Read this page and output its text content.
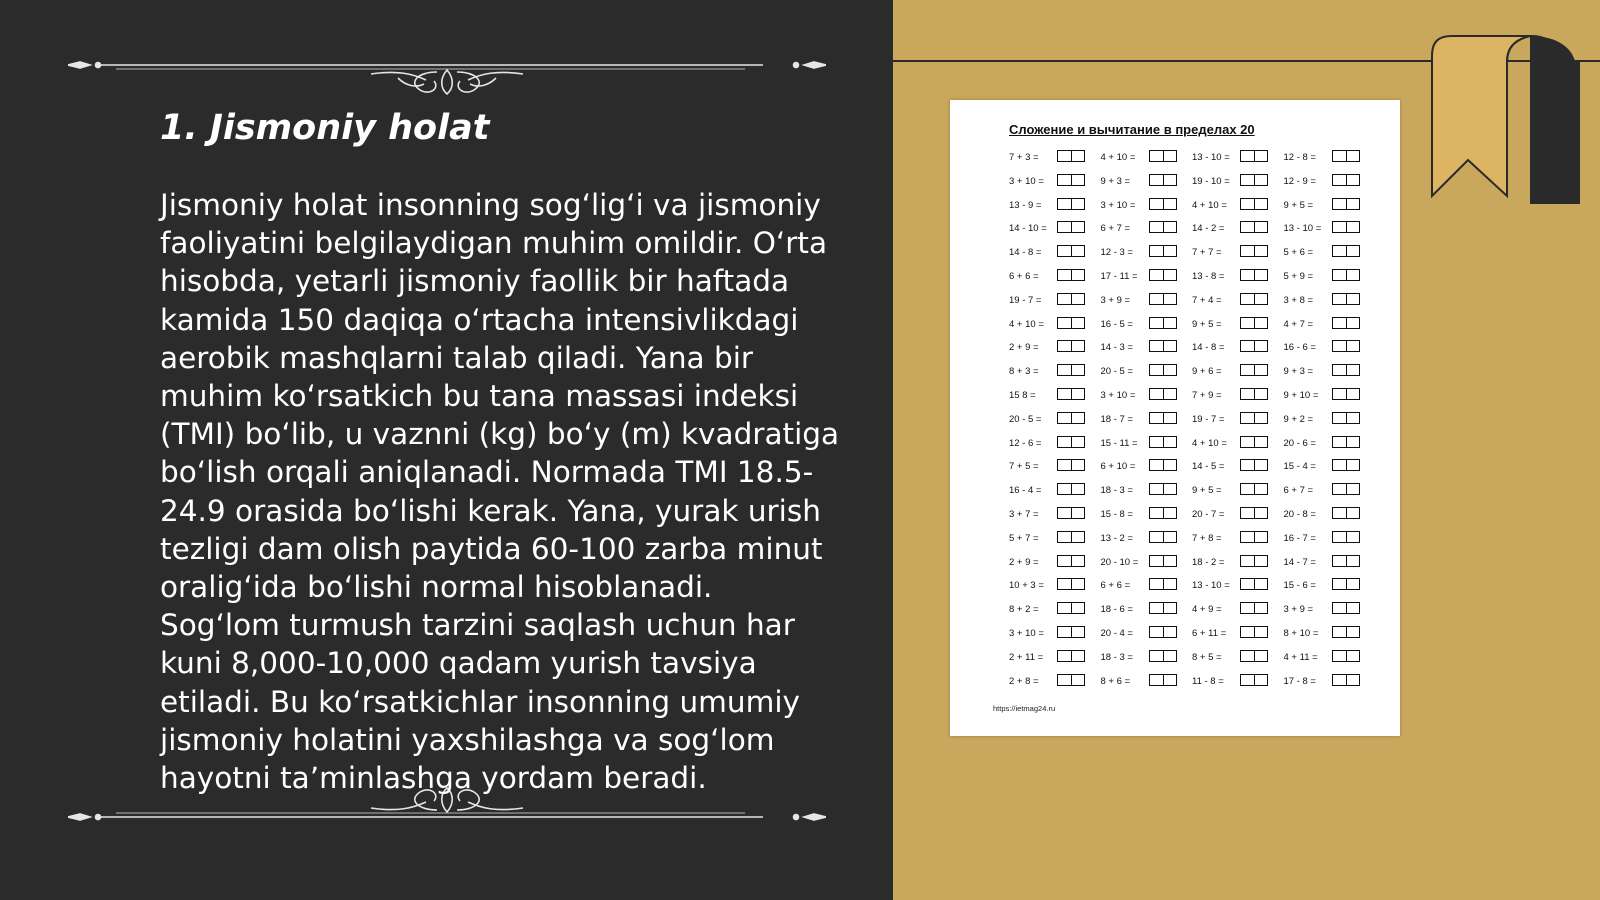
1. Jismoniy holat
Jismoniy holat insonning sog‘lig‘i va jismoniy faoliyatini belgilaydigan muhim omildir. O‘rta hisobda, yetarli jismoniy faollik bir haftada kamida 150 daqiqa o‘rtacha intensivlikdagi aerobik mashqlarni talab qiladi. Yana bir muhim ko‘rsatkich bu tana massasi indeksi (TMI) bo‘lib, u vaznni (kg) bo‘y (m) kvadratiga bo‘lish orqali aniqlanadi. Normada TMI 18.5-24.9 orasida bo‘lishi kerak. Yana, yurak urish tezligi dam olish paytida 60-100 zarba minut oralig‘ida bo‘lishi normal hisoblanadi. Sog‘lom turmush tarzini saqlash uchun har kuni 8,000-10,000 qadam yurish tavsiya etiladi. Bu ko‘rsatkichlar insonning umumiy jismoniy holatini yaxshilashga va sog‘lom hayotni ta’minlashga yordam beradi.
Сложение и вычитание в пределах 20
7 + 3 =	4 + 10 =	13 - 10 =	12 - 8 =
3 + 10 =	9 + 3 =	19 - 10 =	12 - 9 =
13 - 9 =	3 + 10 =	4 + 10 =	9 + 5 =
14 - 10 =	6 + 7 =	14 - 2 =	13 - 10 =
14 - 8 =	12 - 3 =	7 + 7 =	5 + 6 =
6 + 6 =	17 - 11 =	13 - 8 =	5 + 9 =
19 - 7 =	3 + 9 =	7 + 4 =	3 + 8 =
4 + 10 =	16 - 5 =	9 + 5 =	4 + 7 =
2 + 9 =	14 - 3 =	14 - 8 =	16 - 6 =
8 + 3 =	20 - 5 =	9 + 6 =	9 + 3 =
15 8 =	3 + 10 =	7 + 9 =	9 + 10 =
20 - 5 =	18 - 7 =	19 - 7 =	9 + 2 =
12 - 6 =	15 - 11 =	4 + 10 =	20 - 6 =
7 + 5 =	6 + 10 =	14 - 5 =	15 - 4 =
16 - 4 =	18 - 3 =	9 + 5 =	6 + 7 =
3 + 7 =	15 - 8 =	20 - 7 =	20 - 8 =
5 + 7 =	13 - 2 =	7 + 8 =	16 - 7 =
2 + 9 =	20 - 10 =	18 - 2 =	14 - 7 =
10 + 3 =	6 + 6 =	13 - 10 =	15 - 6 =
8 + 2 =	18 - 6 =	4 + 9 =	3 + 9 =
3 + 10 =	20 - 4 =	6 + 11 =	8 + 10 =
2 + 11 =	18 - 3 =	8 + 5 =	4 + 11 =
2 + 8 =	8 + 6 =	11 - 8 =	17 - 8 =
https://ietmag24.ru
